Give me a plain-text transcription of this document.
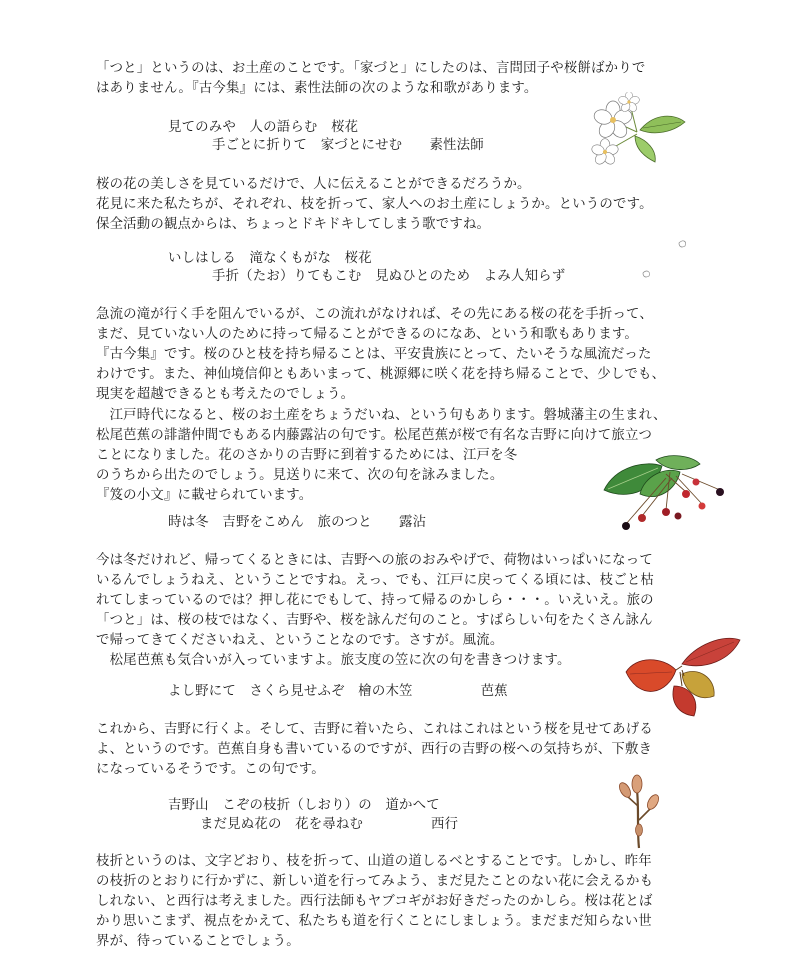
「つと」というのは、お土産のことです。「家づと」にしたのは、言問団子や桜餅ばかりで
はありません。『古今集』には、素性法師の次のような和歌があります。
見てのみや　人の語らむ　桜花
手ごとに折りて　家づとにせむ　　素性法師
桜の花の美しさを見ているだけで、人に伝えることができるだろうか。
花見に来た私たちが、それぞれ、枝を折って、家人へのお土産にしょうか。というのです。
保全活動の観点からは、ちょっとドキドキしてしまう歌ですね。
いしはしる　滝なくもがな　桜花
手折（たお）りてもこむ　見ぬひとのため　よみ人知らず
急流の滝が行く手を阻んでいるが、この流れがなければ、その先にある桜の花を手折って、
まだ、見ていない人のために持って帰ることができるのになあ、という和歌もあります。
『古今集』です。桜のひと枝を持ち帰ることは、平安貴族にとって、たいそうな風流だった
わけです。また、神仙境信仰ともあいまって、桃源郷に咲く花を持ち帰ることで、少しでも、
現実を超越できるとも考えたのでしょう。
　江戸時代になると、桜のお土産をちょうだいね、という句もあります。磐城藩主の生まれ、
松尾芭蕉の誹諧仲間でもある内藤露沾の句です。松尾芭蕉が桜で有名な吉野に向けて旅立つ
ことになりました。花のさかりの吉野に到着するためには、江戸を冬
のうちから出たのでしょう。見送りに来て、次の句を詠みました。
『笈の小文』に載せられています。
時は冬　吉野をこめん　旅のつと　　露沾
今は冬だけれど、帰ってくるときには、吉野への旅のおみやげで、荷物はいっぱいになって
いるんでしょうねえ、ということですね。えっ、でも、江戸に戻ってくる頃には、枝ごと枯
れてしまっているのでは？押し花にでもして、持って帰るのかしら・・・。いえいえ。旅の
「つと」は、桜の枝ではなく、吉野や、桜を詠んだ句のこと。すばらしい句をたくさん詠ん
で帰ってきてくださいねえ、ということなのです。さすが。風流。
　松尾芭蕉も気合いが入っていますよ。旅支度の笠に次の句を書きつけます。
よし野にて　さくら見せふぞ　檜の木笠　　　　　芭蕉
これから、吉野に行くよ。そして、吉野に着いたら、これはこれはという桜を見せてあげる
よ、というのです。芭蕉自身も書いているのですが、西行の吉野の桜への気持ちが、下敷き
になっているそうです。この句です。
吉野山　こぞの枝折（しおり）の　道かへて
まだ見ぬ花の　花を尋ねむ　　　　　西行
枝折というのは、文字どおり、枝を折って、山道の道しるべとすることです。しかし、昨年
の枝折のとおりに行かずに、新しい道を行ってみよう、まだ見たことのない花に会えるかも
しれない、と西行は考えました。西行法師もヤブコギがお好きだったのかしら。桜は花とば
かり思いこまず、視点をかえて、私たちも道を行くことにしましょう。まだまだ知らない世
界が、待っていることでしょう。
